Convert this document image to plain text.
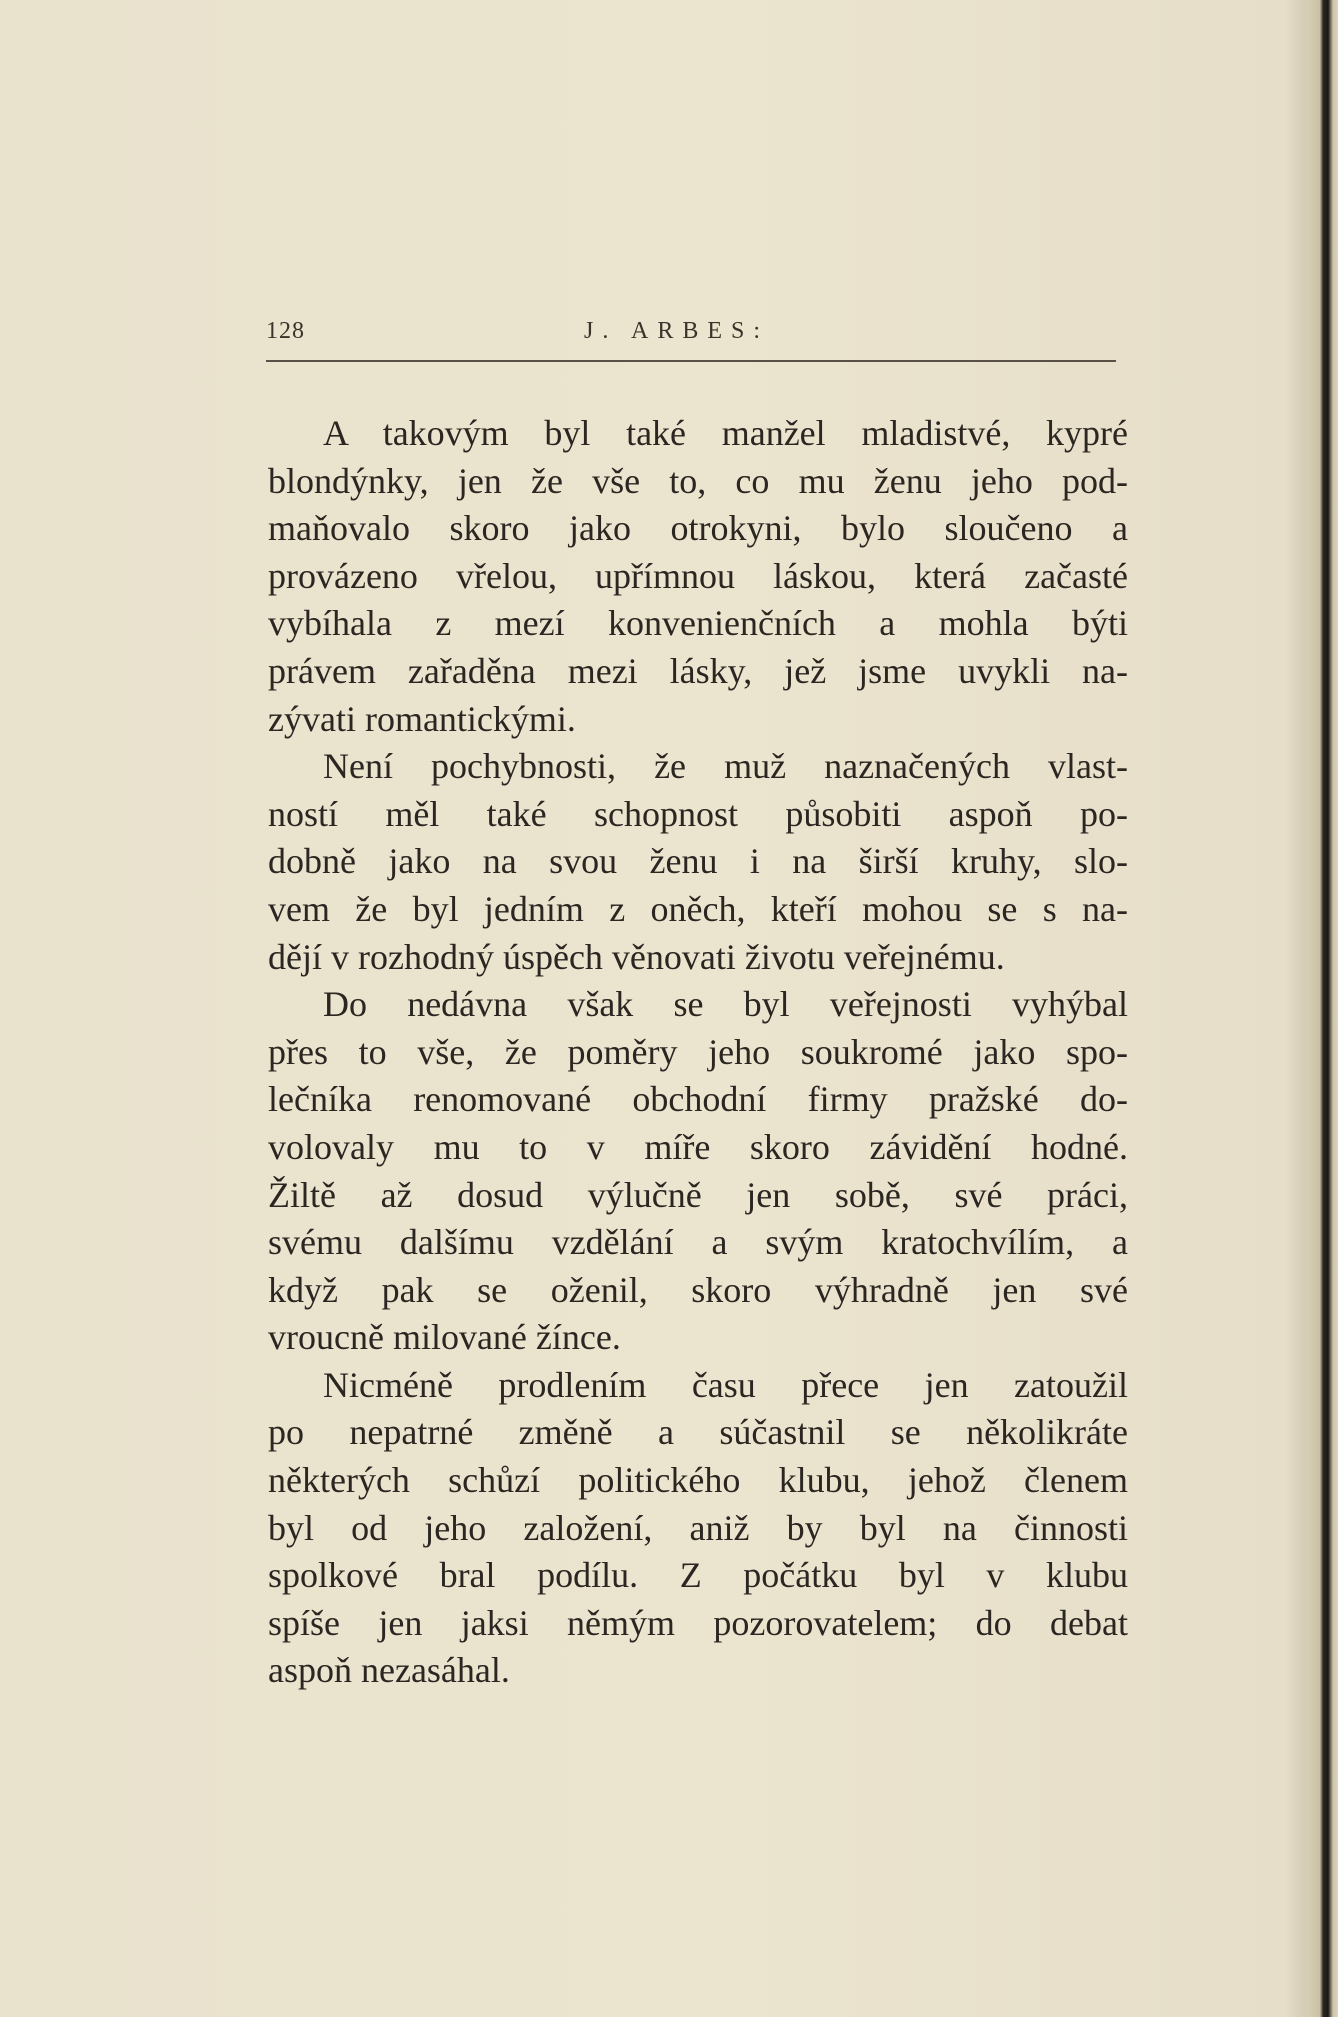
128	J. ARBES:
A takovým byl také manžel mladistvé, kypré
blondýnky, jen že vše to, co mu ženu jeho pod-
maňovalo skoro jako otrokyni, bylo sloučeno a
provázeno vřelou, upřímnou láskou, která začasté
vybíhala z mezí konvenienčních a mohla býti
právem zařaděna mezi lásky, jež jsme uvykli na-
zývati romantickými.
Není pochybnosti, že muž naznačených vlast-
ností měl také schopnost působiti aspoň po-
dobně jako na svou ženu i na širší kruhy, slo-
vem že byl jedním z oněch, kteří mohou se s na-
dějí v rozhodný úspěch věnovati životu veřejnému.
Do nedávna však se byl veřejnosti vyhýbal
přes to vše, že poměry jeho soukromé jako spo-
lečníka renomované obchodní firmy pražské do-
volovaly mu to v míře skoro závidění hodné.
Žiltě až dosud výlučně jen sobě, své práci,
svému dalšímu vzdělání a svým kratochvílím, a
když pak se oženil, skoro výhradně jen své
vroucně milované žínce.
Nicméně prodlením času přece jen zatoužil
po nepatrné změně a súčastnil se několikráte
některých schůzí politického klubu, jehož členem
byl od jeho založení, aniž by byl na činnosti
spolkové bral podílu. Z počátku byl v klubu
spíše jen jaksi němým pozorovatelem; do debat
aspoň nezasáhal.
